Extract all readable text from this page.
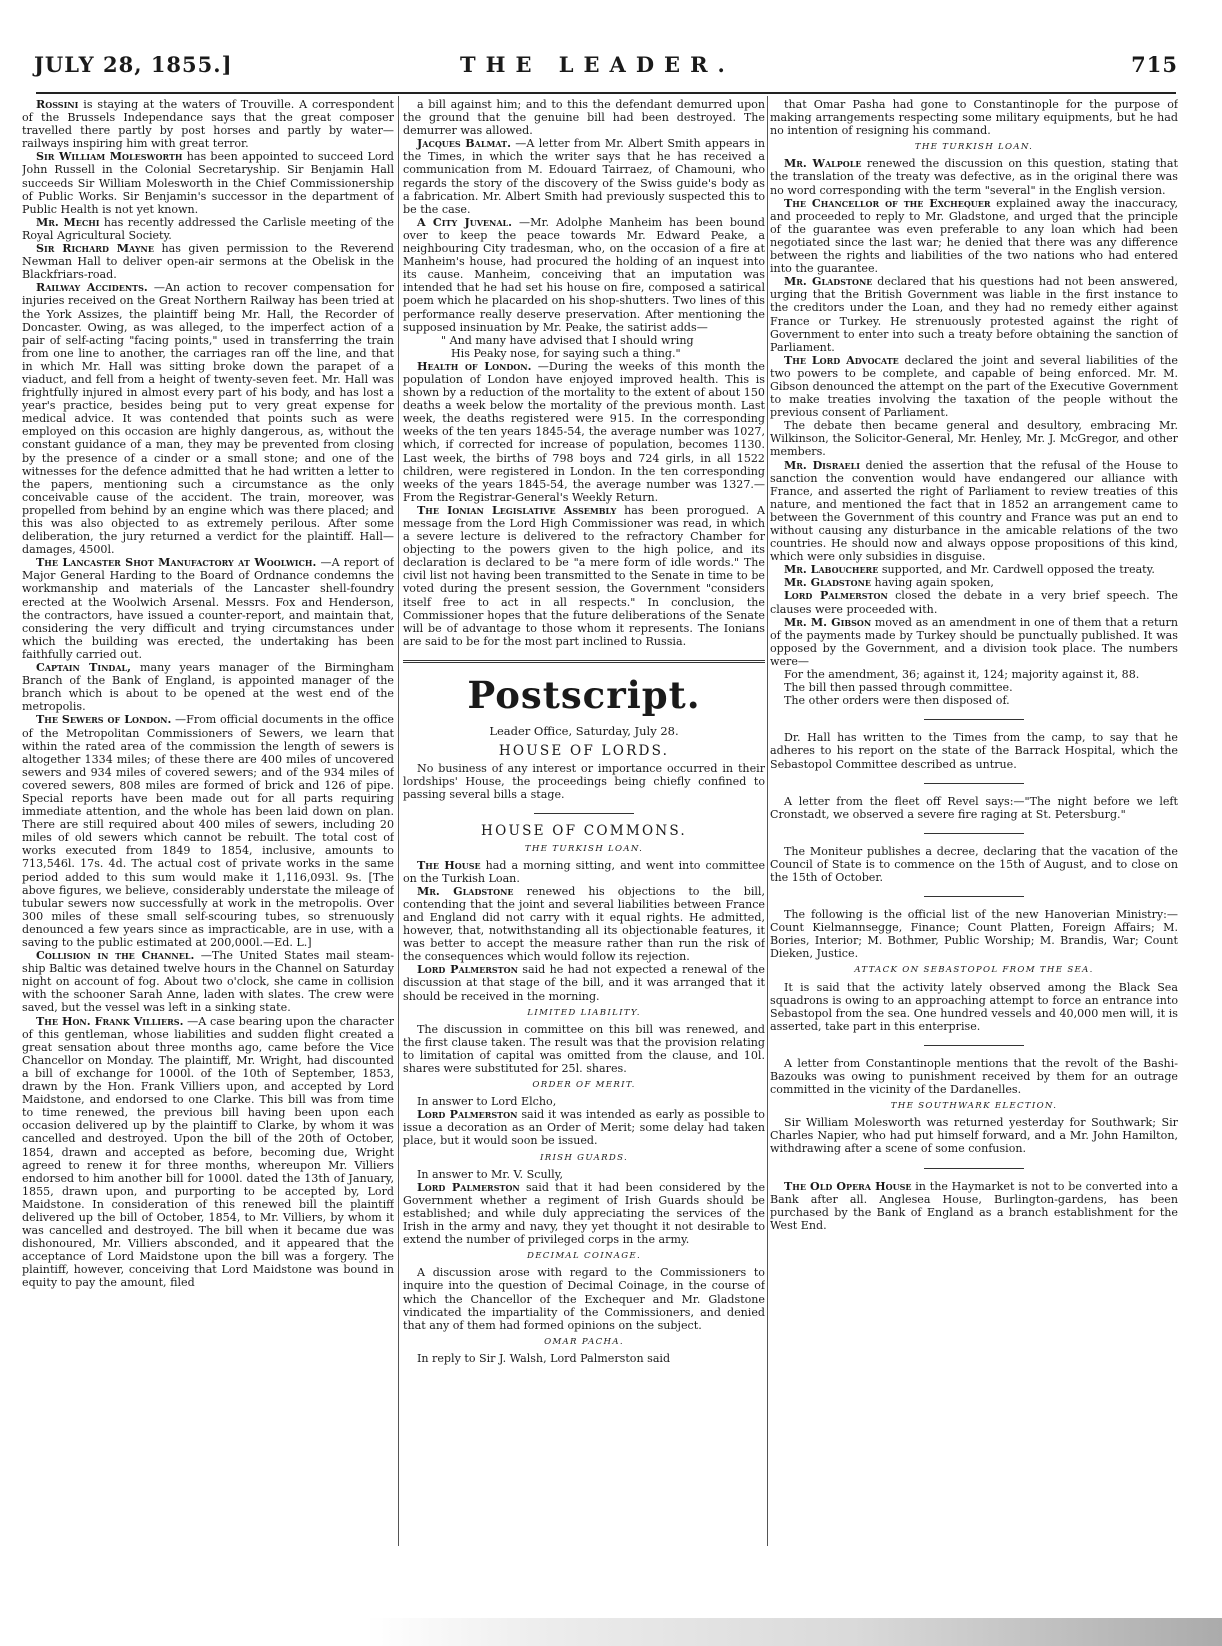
JULY 28, 1855.]	THE LEADER.	715

Rossini is staying at the waters of Trouville. A correspondent of the Brussels Independance says that the great composer travelled there partly by post horses and partly by water—railways inspiring him with great terror.

Sir William Molesworth has been appointed to succeed Lord John Russell in the Colonial Secretaryship. Sir Benjamin Hall succeeds Sir William Molesworth in the Chief Commissionership of Public Works. Sir Benjamin's successor in the department of Public Health is not yet known.

Mr. Mechi has recently addressed the Carlisle meeting of the Royal Agricultural Society.

Sir Richard Mayne has given permission to the Reverend Newman Hall to deliver open-air sermons at the Obelisk in the Blackfriars-road.

Railway Accidents. —An action to recover compensation for injuries received on the Great Northern Railway has been tried at the York Assizes, the plaintiff being Mr. Hall, the Recorder of Doncaster. Owing, as was alleged, to the imperfect action of a pair of self-acting "facing points," used in transferring the train from one line to another, the carriages ran off the line, and that in which Mr. Hall was sitting broke down the parapet of a viaduct, and fell from a height of twenty-seven feet. Mr. Hall was frightfully injured in almost every part of his body, and has lost a year's practice, besides being put to very great expense for medical advice. It was contended that points such as were employed on this occasion are highly dangerous, as, without the constant guidance of a man, they may be prevented from closing by the presence of a cinder or a small stone; and one of the witnesses for the defence admitted that he had written a letter to the papers, mentioning such a circumstance as the only conceivable cause of the accident. The train, moreover, was propelled from behind by an engine which was there placed; and this was also objected to as extremely perilous. After some deliberation, the jury returned a verdict for the plaintiff. Hall—damages, 4500l.

The Lancaster Shot Manufactory at Woolwich. —A report of Major General Harding to the Board of Ordnance condemns the workmanship and materials of the Lancaster shell-foundry erected at the Woolwich Arsenal. Messrs. Fox and Henderson, the contractors, have issued a counter-report, and maintain that, considering the very difficult and trying circumstances under which the building was erected, the undertaking has been faithfully carried out.

Captain Tindal, many years manager of the Birmingham Branch of the Bank of England, is appointed manager of the branch which is about to be opened at the west end of the metropolis.

The Sewers of London. —From official documents in the office of the Metropolitan Commissioners of Sewers, we learn that within the rated area of the commission the length of sewers is altogether 1334 miles; of these there are 400 miles of uncovered sewers and 934 miles of covered sewers; and of the 934 miles of covered sewers, 808 miles are formed of brick and 126 of pipe. Special reports have been made out for all parts requiring immediate attention, and the whole has been laid down on plan. There are still required about 400 miles of sewers, including 20 miles of old sewers which cannot be rebuilt. The total cost of works executed from 1849 to 1854, inclusive, amounts to 713,546l. 17s. 4d. The actual cost of private works in the same period added to this sum would make it 1,116,093l. 9s. [The above figures, we believe, considerably understate the mileage of tubular sewers now successfully at work in the metropolis. Over 300 miles of these small self-scouring tubes, so strenuously denounced a few years since as impracticable, are in use, with a saving to the public estimated at 200,000l.—Ed. L.]

Collision in the Channel. —The United States mail steam-ship Baltic was detained twelve hours in the Channel on Saturday night on account of fog. About two o'clock, she came in collision with the schooner Sarah Anne, laden with slates. The crew were saved, but the vessel was left in a sinking state.

The Hon. Frank Villiers. —A case bearing upon the character of this gentleman, whose liabilities and sudden flight created a great sensation about three months ago, came before the Vice Chancellor on Monday. The plaintiff, Mr. Wright, had discounted a bill of exchange for 1000l. of the 10th of September, 1853, drawn by the Hon. Frank Villiers upon, and accepted by Lord Maidstone, and endorsed to one Clarke. This bill was from time to time renewed, the previous bill having been upon each occasion delivered up by the plaintiff to Clarke, by whom it was cancelled and destroyed. Upon the bill of the 20th of October, 1854, drawn and accepted as before, becoming due, Wright agreed to renew it for three months, whereupon Mr. Villiers endorsed to him another bill for 1000l. dated the 13th of January, 1855, drawn upon, and purporting to be accepted by, Lord Maidstone. In consideration of this renewed bill the plaintiff delivered up the bill of October, 1854, to Mr. Villiers, by whom it was cancelled and destroyed. The bill when it became due was dishonoured, Mr. Villiers absconded, and it appeared that the acceptance of Lord Maidstone upon the bill was a forgery. The plaintiff, however, conceiving that Lord Maidstone was bound in equity to pay the amount, filed

a bill against him; and to this the defendant demurred upon the ground that the genuine bill had been destroyed. The demurrer was allowed.

Jacques Balmat. —A letter from Mr. Albert Smith appears in the Times, in which the writer says that he has received a communication from M. Edouard Tairraez, of Chamouni, who regards the story of the discovery of the Swiss guide's body as a fabrication. Mr. Albert Smith had previously suspected this to be the case.

A City Juvenal. —Mr. Adolphe Manheim has been bound over to keep the peace towards Mr. Edward Peake, a neighbouring City tradesman, who, on the occasion of a fire at Manheim's house, had procured the holding of an inquest into its cause. Manheim, conceiving that an imputation was intended that he had set his house on fire, composed a satirical poem which he placarded on his shop-shutters. Two lines of this performance really deserve preservation. After mentioning the supposed insinuation by Mr. Peake, the satirist adds—

" And many have advised that I should wring

His Peaky nose, for saying such a thing."

Health of London. —During the weeks of this month the population of London have enjoyed improved health. This is shown by a reduction of the mortality to the extent of about 150 deaths a week below the mortality of the previous month. Last week, the deaths registered were 915. In the corresponding weeks of the ten years 1845-54, the average number was 1027, which, if corrected for increase of population, becomes 1130. Last week, the births of 798 boys and 724 girls, in all 1522 children, were registered in London. In the ten corresponding weeks of the years 1845-54, the average number was 1327.—From the Registrar-General's Weekly Return.

The Ionian Legislative Assembly has been prorogued. A message from the Lord High Commissioner was read, in which a severe lecture is delivered to the refractory Chamber for objecting to the powers given to the high police, and its declaration is declared to be "a mere form of idle words." The civil list not having been transmitted to the Senate in time to be voted during the present session, the Government "considers itself free to act in all respects." In conclusion, the Commissioner hopes that the future deliberations of the Senate will be of advantage to those whom it represents. The Ionians are said to be for the most part inclined to Russia.

Postscript.

Leader Office, Saturday, July 28.

HOUSE OF LORDS.

No business of any interest or importance occurred in their lordships' House, the proceedings being chiefly confined to passing several bills a stage.

HOUSE OF COMMONS.

THE TURKISH LOAN.

The House had a morning sitting, and went into committee on the Turkish Loan.

Mr. Gladstone renewed his objections to the bill, contending that the joint and several liabilities between France and England did not carry with it equal rights. He admitted, however, that, notwithstanding all its objectionable features, it was better to accept the measure rather than run the risk of the consequences which would follow its rejection.

Lord Palmerston said he had not expected a renewal of the discussion at that stage of the bill, and it was arranged that it should be received in the morning.

LIMITED LIABILITY.

The discussion in committee on this bill was renewed, and the first clause taken. The result was that the provision relating to limitation of capital was omitted from the clause, and 10l. shares were substituted for 25l. shares.

ORDER OF MERIT.

In answer to Lord Elcho,

Lord Palmerston said it was intended as early as possible to issue a decoration as an Order of Merit; some delay had taken place, but it would soon be issued.

IRISH GUARDS.

In answer to Mr. V. Scully,

Lord Palmerston said that it had been considered by the Government whether a regiment of Irish Guards should be established; and while duly appreciating the services of the Irish in the army and navy, they yet thought it not desirable to extend the number of privileged corps in the army.

DECIMAL COINAGE.

A discussion arose with regard to the Commissioners to inquire into the question of Decimal Coinage, in the course of which the Chancellor of the Exchequer and Mr. Gladstone vindicated the impartiality of the Commissioners, and denied that any of them had formed opinions on the subject.

OMAR PACHA.

In reply to Sir J. Walsh, Lord Palmerston said

that Omar Pasha had gone to Constantinople for the purpose of making arrangements respecting some military equipments, but he had no intention of resigning his command.

THE TURKISH LOAN.

Mr. Walpole renewed the discussion on this question, stating that the translation of the treaty was defective, as in the original there was no word corresponding with the term "several" in the English version.

The Chancellor of the Exchequer explained away the inaccuracy, and proceeded to reply to Mr. Gladstone, and urged that the principle of the guarantee was even preferable to any loan which had been negotiated since the last war; he denied that there was any difference between the rights and liabilities of the two nations who had entered into the guarantee.

Mr. Gladstone declared that his questions had not been answered, urging that the British Government was liable in the first instance to the creditors under the Loan, and they had no remedy either against France or Turkey. He strenuously protested against the right of Government to enter into such a treaty before obtaining the sanction of Parliament.

The Lord Advocate declared the joint and several liabilities of the two powers to be complete, and capable of being enforced. Mr. M. Gibson denounced the attempt on the part of the Executive Government to make treaties involving the taxation of the people without the previous consent of Parliament.

The debate then became general and desultory, embracing Mr. Wilkinson, the Solicitor-General, Mr. Henley, Mr. J. McGregor, and other members.

Mr. Disraeli denied the assertion that the refusal of the House to sanction the convention would have endangered our alliance with France, and asserted the right of Parliament to review treaties of this nature, and mentioned the fact that in 1852 an arrangement came to between the Government of this country and France was put an end to without causing any disturbance in the amicable relations of the two countries. He should now and always oppose propositions of this kind, which were only subsidies in disguise.

Mr. Labouchere supported, and Mr. Cardwell opposed the treaty.

Mr. Gladstone having again spoken,

Lord Palmerston closed the debate in a very brief speech. The clauses were proceeded with.

Mr. M. Gibson moved as an amendment in one of them that a return of the payments made by Turkey should be punctually published. It was opposed by the Government, and a division took place. The numbers were—

For the amendment, 36; against it, 124; majority against it, 88.

The bill then passed through committee.

The other orders were then disposed of.

Dr. Hall has written to the Times from the camp, to say that he adheres to his report on the state of the Barrack Hospital, which the Sebastopol Committee described as untrue.

A letter from the fleet off Revel says:—"The night before we left Cronstadt, we observed a severe fire raging at St. Petersburg."

The Moniteur publishes a decree, declaring that the vacation of the Council of State is to commence on the 15th of August, and to close on the 15th of October.

The following is the official list of the new Hanoverian Ministry:—Count Kielmannsegge, Finance; Count Platten, Foreign Affairs; M. Bories, Interior; M. Bothmer, Public Worship; M. Brandis, War; Count Dieken, Justice.

ATTACK ON SEBASTOPOL FROM THE SEA.

It is said that the activity lately observed among the Black Sea squadrons is owing to an approaching attempt to force an entrance into Sebastopol from the sea. One hundred vessels and 40,000 men will, it is asserted, take part in this enterprise.

A letter from Constantinople mentions that the revolt of the Bashi-Bazouks was owing to punishment received by them for an outrage committed in the vicinity of the Dardanelles.

THE SOUTHWARK ELECTION.

Sir William Molesworth was returned yesterday for Southwark; Sir Charles Napier, who had put himself forward, and a Mr. John Hamilton, withdrawing after a scene of some confusion.

The Old Opera House in the Haymarket is not to be converted into a Bank after all. Anglesea House, Burlington-gardens, has been purchased by the Bank of England as a branch establishment for the West End.
